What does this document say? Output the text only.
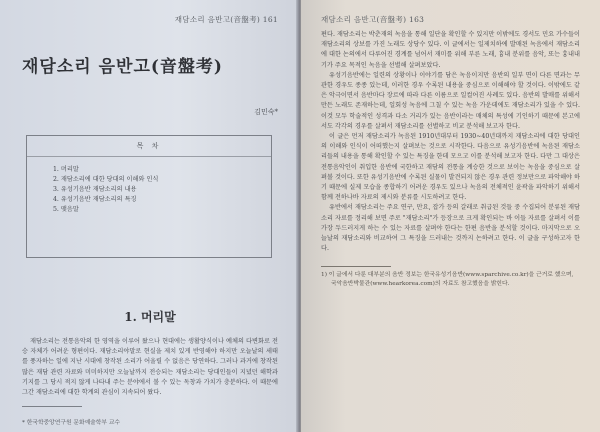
재담소리 음반고(音盤考) 161
재담소리 음반고(音盤考)
김민숙*
목 차
1. 머리말
2. 재담소리에 대한 당대의 이해와 인식
3. 유성기음반 재담소리의 내용
4. 유성기음반 재담소리의 특징
5. 맺음말
1. 머리말

재담소리는 전통음악의 한 영역을 이루어 왔으나 현대에는 생활양식이나 예체의 다변화로 전승 자체가 어려운 형편이다. 재담소리야말로 현실을 제치 있게 반영해야 하지만 오늘날의 세태를 풍자하는 일에 지난 시대에 창작된 소리가 어울릴 수 없음은 당연하다. 그러나 과거에 창작된 많은 재담 관련 자료와 미미하지만 오늘날까지 전승되는 재담소리는 당대인들이 지녔던 해학과 기지를 그 당시 적지 않게 나타내 주는 분야에서 볼 수 있는 독창과 가치가 충분하다. 이 때문에 그간 재담소리에 대한 학계의 관심이 지속되어 왔다.

* 한국학중앙연구원 문화예술학부 교수
재담소리 음반고(音盤考) 163

편다. 재담소리는 박춘재의 녹음을 통해 일단을 확인할 수 있지만 이밖에도 경서도 민요 가수들이 재담소리의 상보를 가진 노래도 상당수 있다. 이 글에서는 일제치하에 발매된 녹음에서 재담소리에 대한 논의에서 다루어진 경계를 넘어서 재미를 위해 부른 노래, 흉내 분위를 음악, 또는 흉내내기가 주요 목적인 녹음을 선별해 살펴보았다.

유성기음반에는 일련의 상황이나 이야기를 담은 녹음이지만 음반의 일부 면이 다른 면과는 무관한 경우도 종종 있는데, 이러한 경우 수록된 내용을 중심으로 이해해야 할 것이다. 이밖에도 같은 악극이면서 음반마다 장르에 따라 다른 이름으로 일컬어진 사례도 있다. 음반의 발매를 위해서 만든 노래도 존재하는데, 일회성 녹음에 그칠 수 있는 녹음 가운데에도 재담소리가 있을 수 있다. 이것 모두 학술적인 성격과 다소 거리가 있는 음반이라는 매체의 특성에 기인하기 때문에 본고에서도 각각의 경우를 살펴서 재담소리를 선별하고 비교 분석해 보고자 한다.

이 글은 먼저 재담소리가 녹음된 1910년대부터 1930~40년대까지 재담소리에 대한 당대인의 이해와 인식이 어떠했는지 살펴보는 것으로 시작한다. 다음으로 유성기음반에 녹음된 재담소리들의 내용을 통해 확인할 수 있는 특징을 한데 모으고 이를 분석해 보고자 한다. 다만 그 대상은 전통음악인이 취입한 음반에 국한하고 재담의 전통을 계승한 것으로 보이는 녹음을 중심으로 살펴볼 것이다. 또한 유성기음반에 수록된 실물이 발견되지 않은 경우 관련 정보만으로 파악해야 하기 때문에 실제 모습을 종합하기 어려운 경우도 있으나 녹음의 전체적인 윤곽을 파악하기 위해서 함께 전하나바 자료의 제시와 분류를 시도하려고 한다.

유반에서 재담소리는 주요 연구, 만요, 잡가 등의 갈래로 취급된 것들 중 수집되어 분류된 재담소리 자료를 정리해 보면 주로 "재담소리"가 등장으로 크게 확인되는 바 이들 자료를 살펴서 이를 가장 두드러지게 하는 수 있는 자료를 살펴야 한다는 한편 음반을 분석할 것이다. 마지막으로 오늘날의 재담소리와 비교하여 그 특징을 드러내는 것까지 논하려고 한다. 이 글을 구성하고자 한다.

1) 이 글에서 다룬 대부분의 음반 정보는 한국유성기음반(www.sparchive.co.kr)을 근거로 했으며, 국악음반박물관(www.hearkorea.com)의 자료도 참고했음을 밝힌다.
